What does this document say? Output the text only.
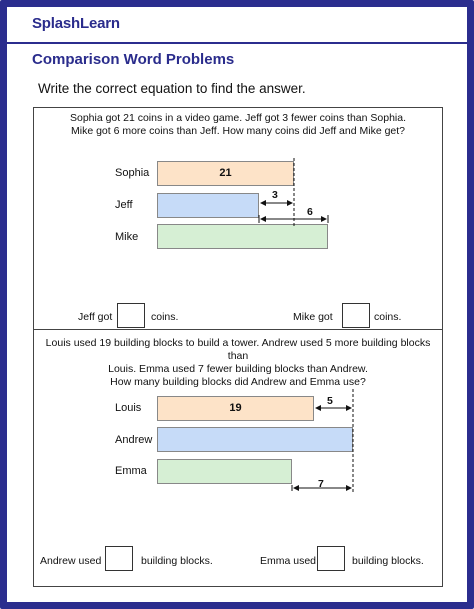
SplashLearn
Comparison Word Problems
Write the correct equation to find the answer.
Sophia got 21 coins in a video game. Jeff got 3 fewer coins than Sophia.
Mike got 6 more coins than Jeff. How many coins did Jeff and Mike get?
Sophia	21
Jeff
Mike
3
6
Jeff got	coins.	Mike got	coins.
Louis used 19 building blocks to build a tower. Andrew used 5 more building blocks than
Louis. Emma used 7 fewer building blocks than Andrew.
How many building blocks did Andrew and Emma use?
Louis	19
Andrew
Emma
5
7
Andrew used	building blocks.	Emma used	building blocks.
